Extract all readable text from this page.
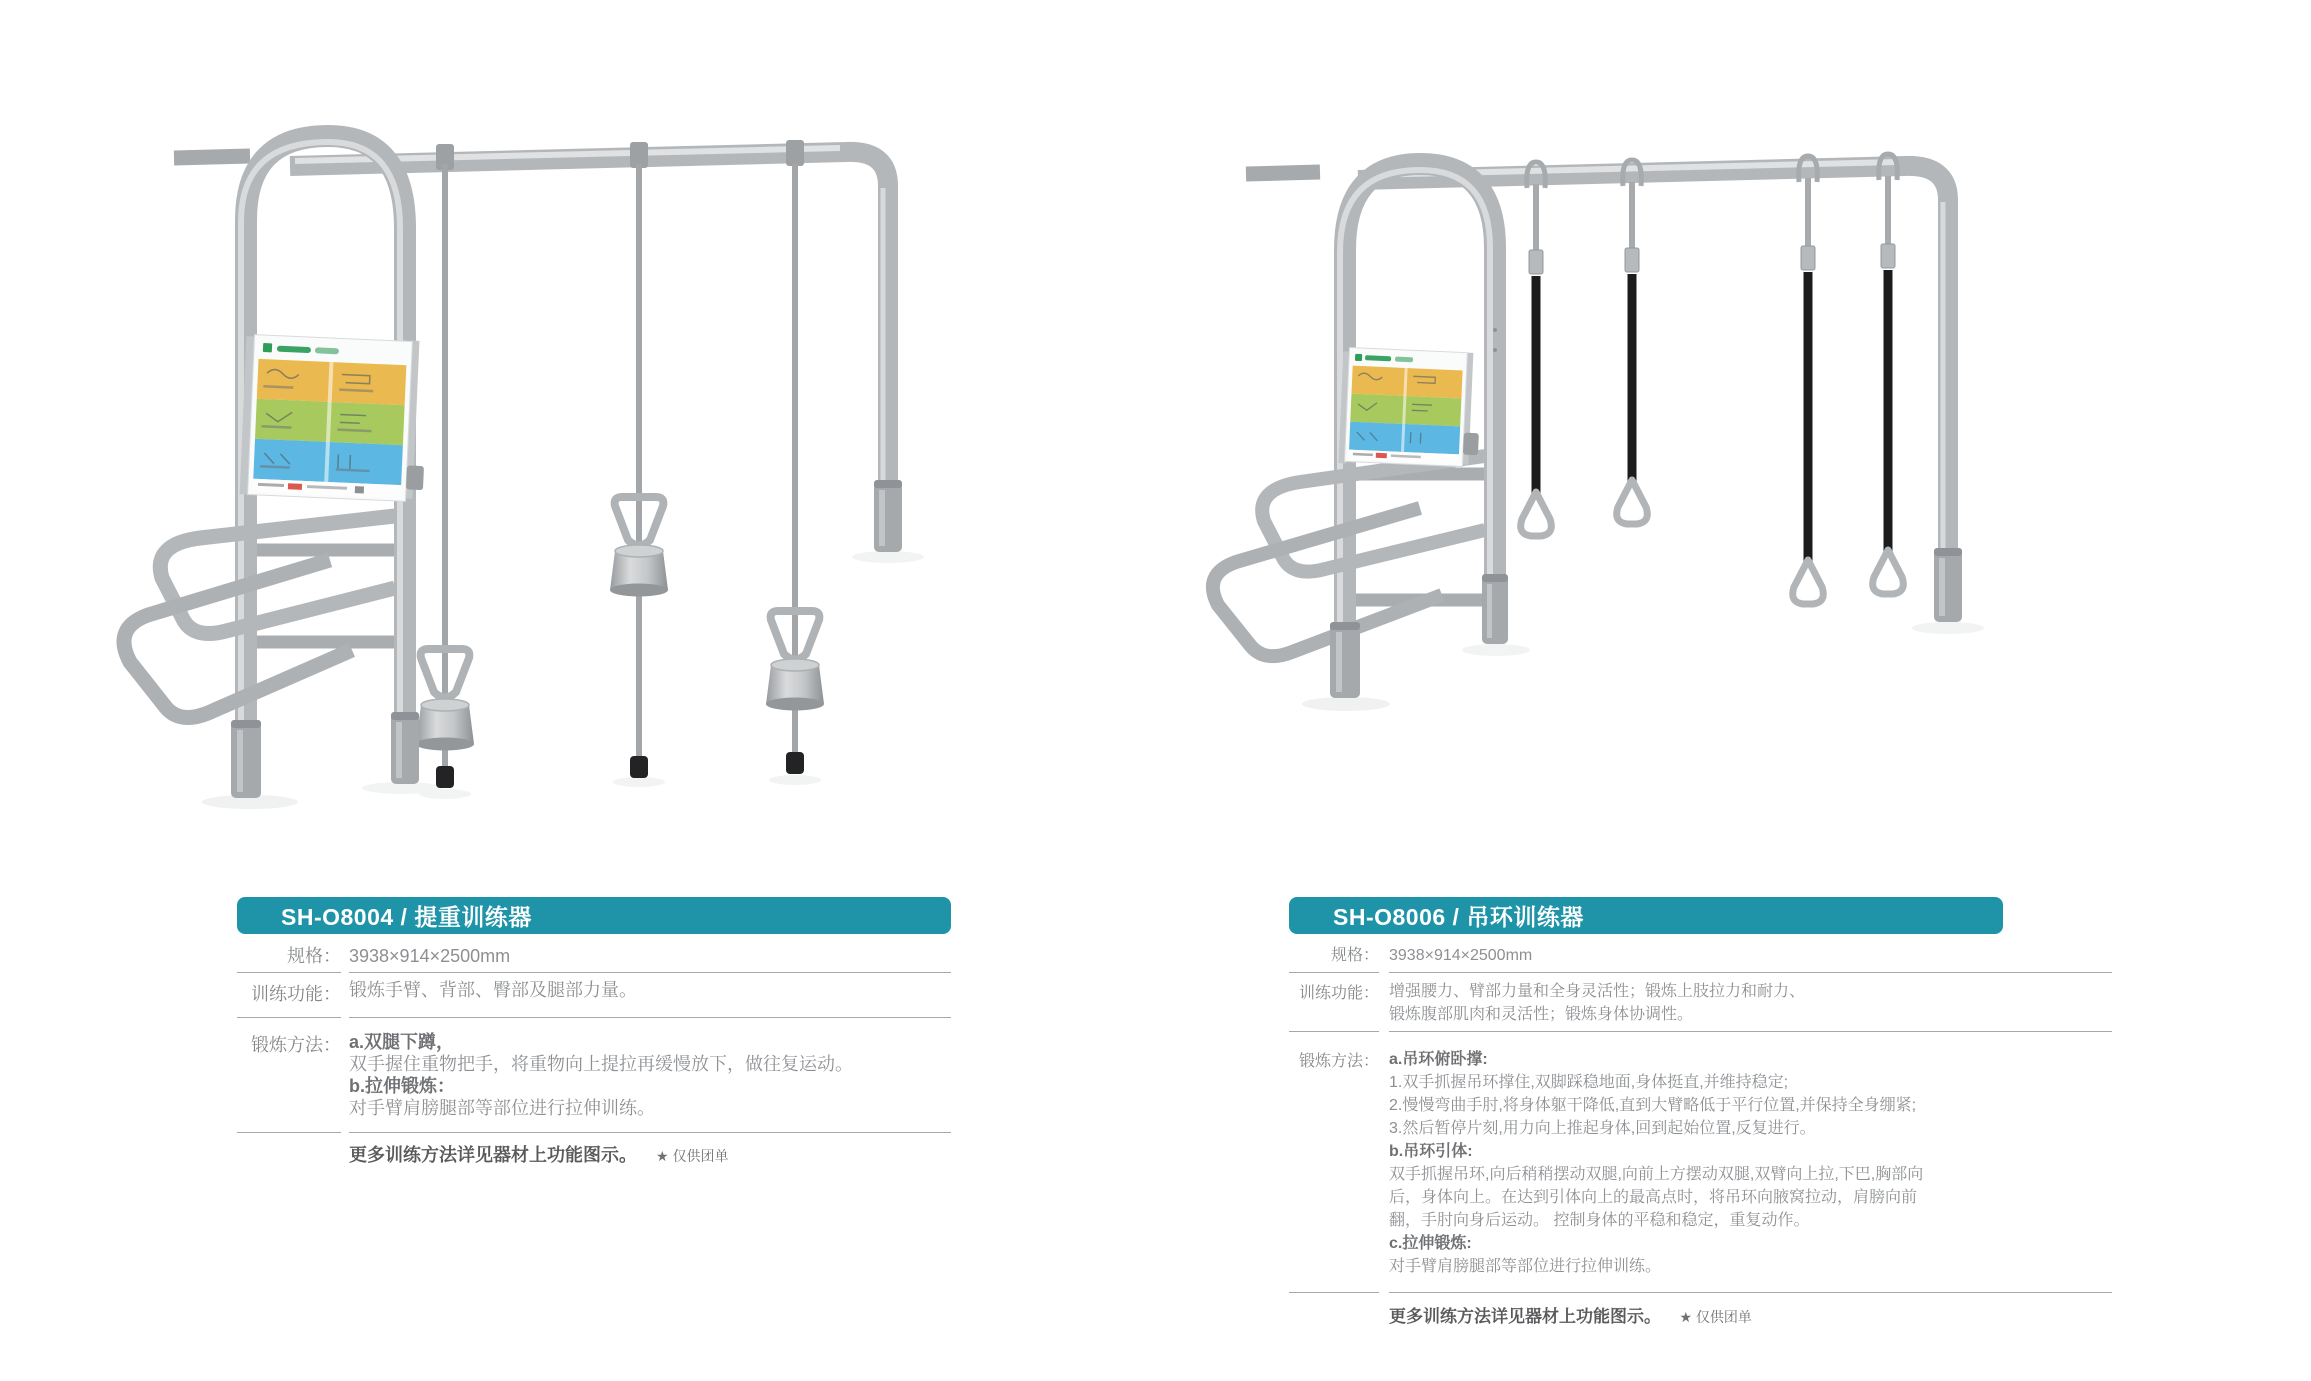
SH-O8004 / 提重训练器
规格： 3938×914×2500mm
训练功能： 锻炼手臂、背部、臀部及腿部力量。
锻炼方法： a.双腿下蹲，
双手握住重物把手，将重物向上提拉再缓慢放下，做往复运动。
b.拉伸锻炼：
对手臂肩膀腿部等部位进行拉伸训练。
更多训练方法详见器材上功能图示。 ★ 仅供团单
SH-O8006 / 吊环训练器
规格： 3938×914×2500mm
训练功能： 增强腰力、臂部力量和全身灵活性；锻炼上肢拉力和耐力、
锻炼腹部肌肉和灵活性；锻炼身体协调性。
锻炼方法： a.吊环俯卧撑:
1.双手抓握吊环撑住,双脚踩稳地面,身体挺直,并维持稳定;
2.慢慢弯曲手肘,将身体躯干降低,直到大臂略低于平行位置,并保持全身绷紧;
3.然后暂停片刻,用力向上推起身体,回到起始位置,反复进行。
b.吊环引体:
双手抓握吊环,向后稍稍摆动双腿,向前上方摆动双腿,双臂向上拉,下巴,胸部向
后，身体向上。在达到引体向上的最高点时，将吊环向腋窝拉动，肩膀向前
翻，手肘向身后运动。 控制身体的平稳和稳定，重复动作。
c.拉伸锻炼:
对手臂肩膀腿部等部位进行拉伸训练。
更多训练方法详见器材上功能图示。 ★ 仅供团单
